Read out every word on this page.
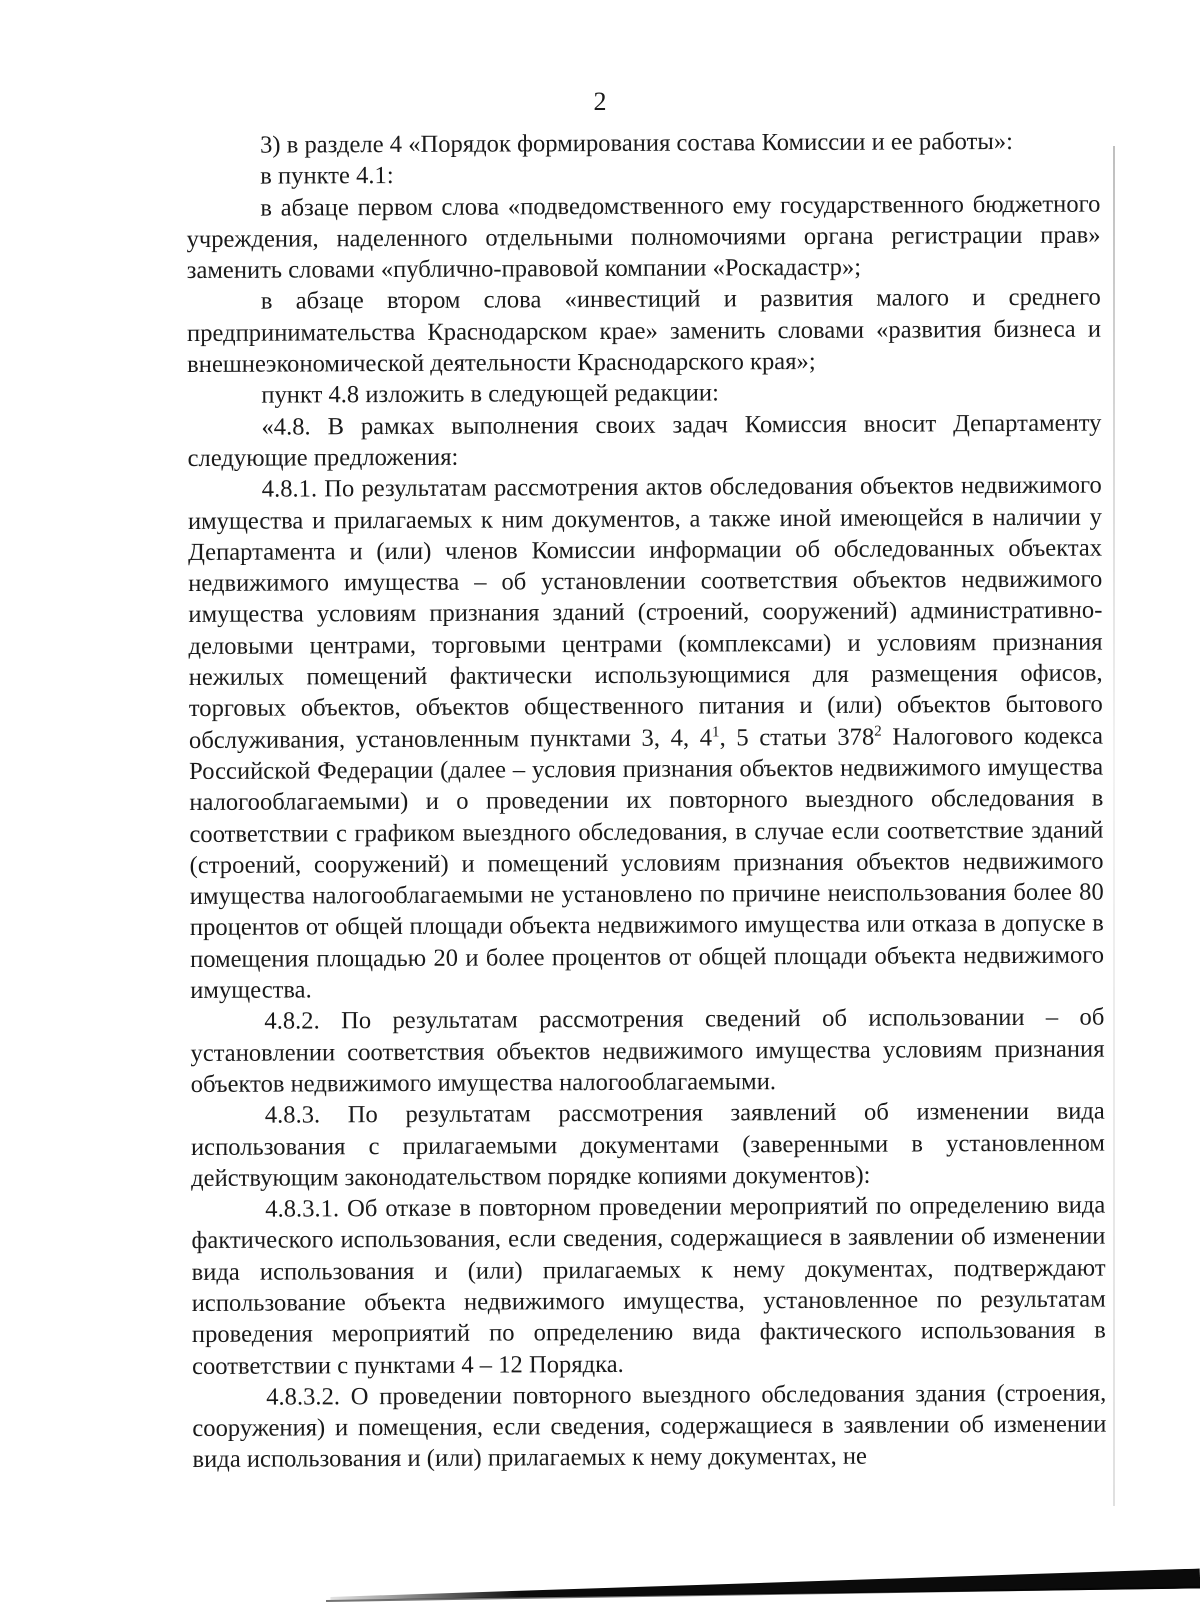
2

3) в разделе 4 «Порядок формирования состава Комиссии и ее работы»:

в пункте 4.1:

в абзаце первом слова «подведомственного ему государственного бюджетного учреждения, наделенного отдельными полномочиями органа регистрации прав» заменить словами «публично-правовой компании «Роскадастр»;

в абзаце втором слова «инвестиций и развития малого и среднего предпринимательства Краснодарском крае» заменить словами «развития бизнеса и внешнеэкономической деятельности Краснодарского края»;

пункт 4.8 изложить в следующей редакции:

«4.8. В рамках выполнения своих задач Комиссия вносит Департаменту следующие предложения:

4.8.1. По результатам рассмотрения актов обследования объектов недвижимого имущества и прилагаемых к ним документов, а также иной имеющейся в наличии у Департамента и (или) членов Комиссии информации об обследованных объектах недвижимого имущества – об установлении соответствия объектов недвижимого имущества условиям признания зданий (строений, сооружений) административно-деловыми центрами, торговыми центрами (комплексами) и условиям признания нежилых помещений фактически использующимися для размещения офисов, торговых объектов, объектов общественного питания и (или) объектов бытового обслуживания, установленным пунктами 3, 4, $4^1$, 5 статьи $378^2$ Налогового кодекса Российской Федерации (далее – условия признания объектов недвижимого имущества налогооблагаемыми) и о проведении их повторного выездного обследования в соответствии с графиком выездного обследования, в случае если соответствие зданий (строений, сооружений) и помещений условиям признания объектов недвижимого имущества налогооблагаемыми не установлено по причине неиспользования более 80 процентов от общей площади объекта недвижимого имущества или отказа в допуске в помещения площадью 20 и более процентов от общей площади объекта недвижимого имущества.

4.8.2. По результатам рассмотрения сведений об использовании – об установлении соответствия объектов недвижимого имущества условиям признания объектов недвижимого имущества налогооблагаемыми.

4.8.3. По результатам рассмотрения заявлений об изменении вида использования с прилагаемыми документами (заверенными в установленном действующим законодательством порядке копиями документов):

4.8.3.1. Об отказе в повторном проведении мероприятий по определению вида фактического использования, если сведения, содержащиеся в заявлении об изменении вида использования и (или) прилагаемых к нему документах, подтверждают использование объекта недвижимого имущества, установленное по результатам проведения мероприятий по определению вида фактического использования в соответствии с пунктами 4 – 12 Порядка.

4.8.3.2. О проведении повторного выездного обследования здания (строения, сооружения) и помещения, если сведения, содержащиеся в заявлении об изменении вида использования и (или) прилагаемых к нему документах, не
